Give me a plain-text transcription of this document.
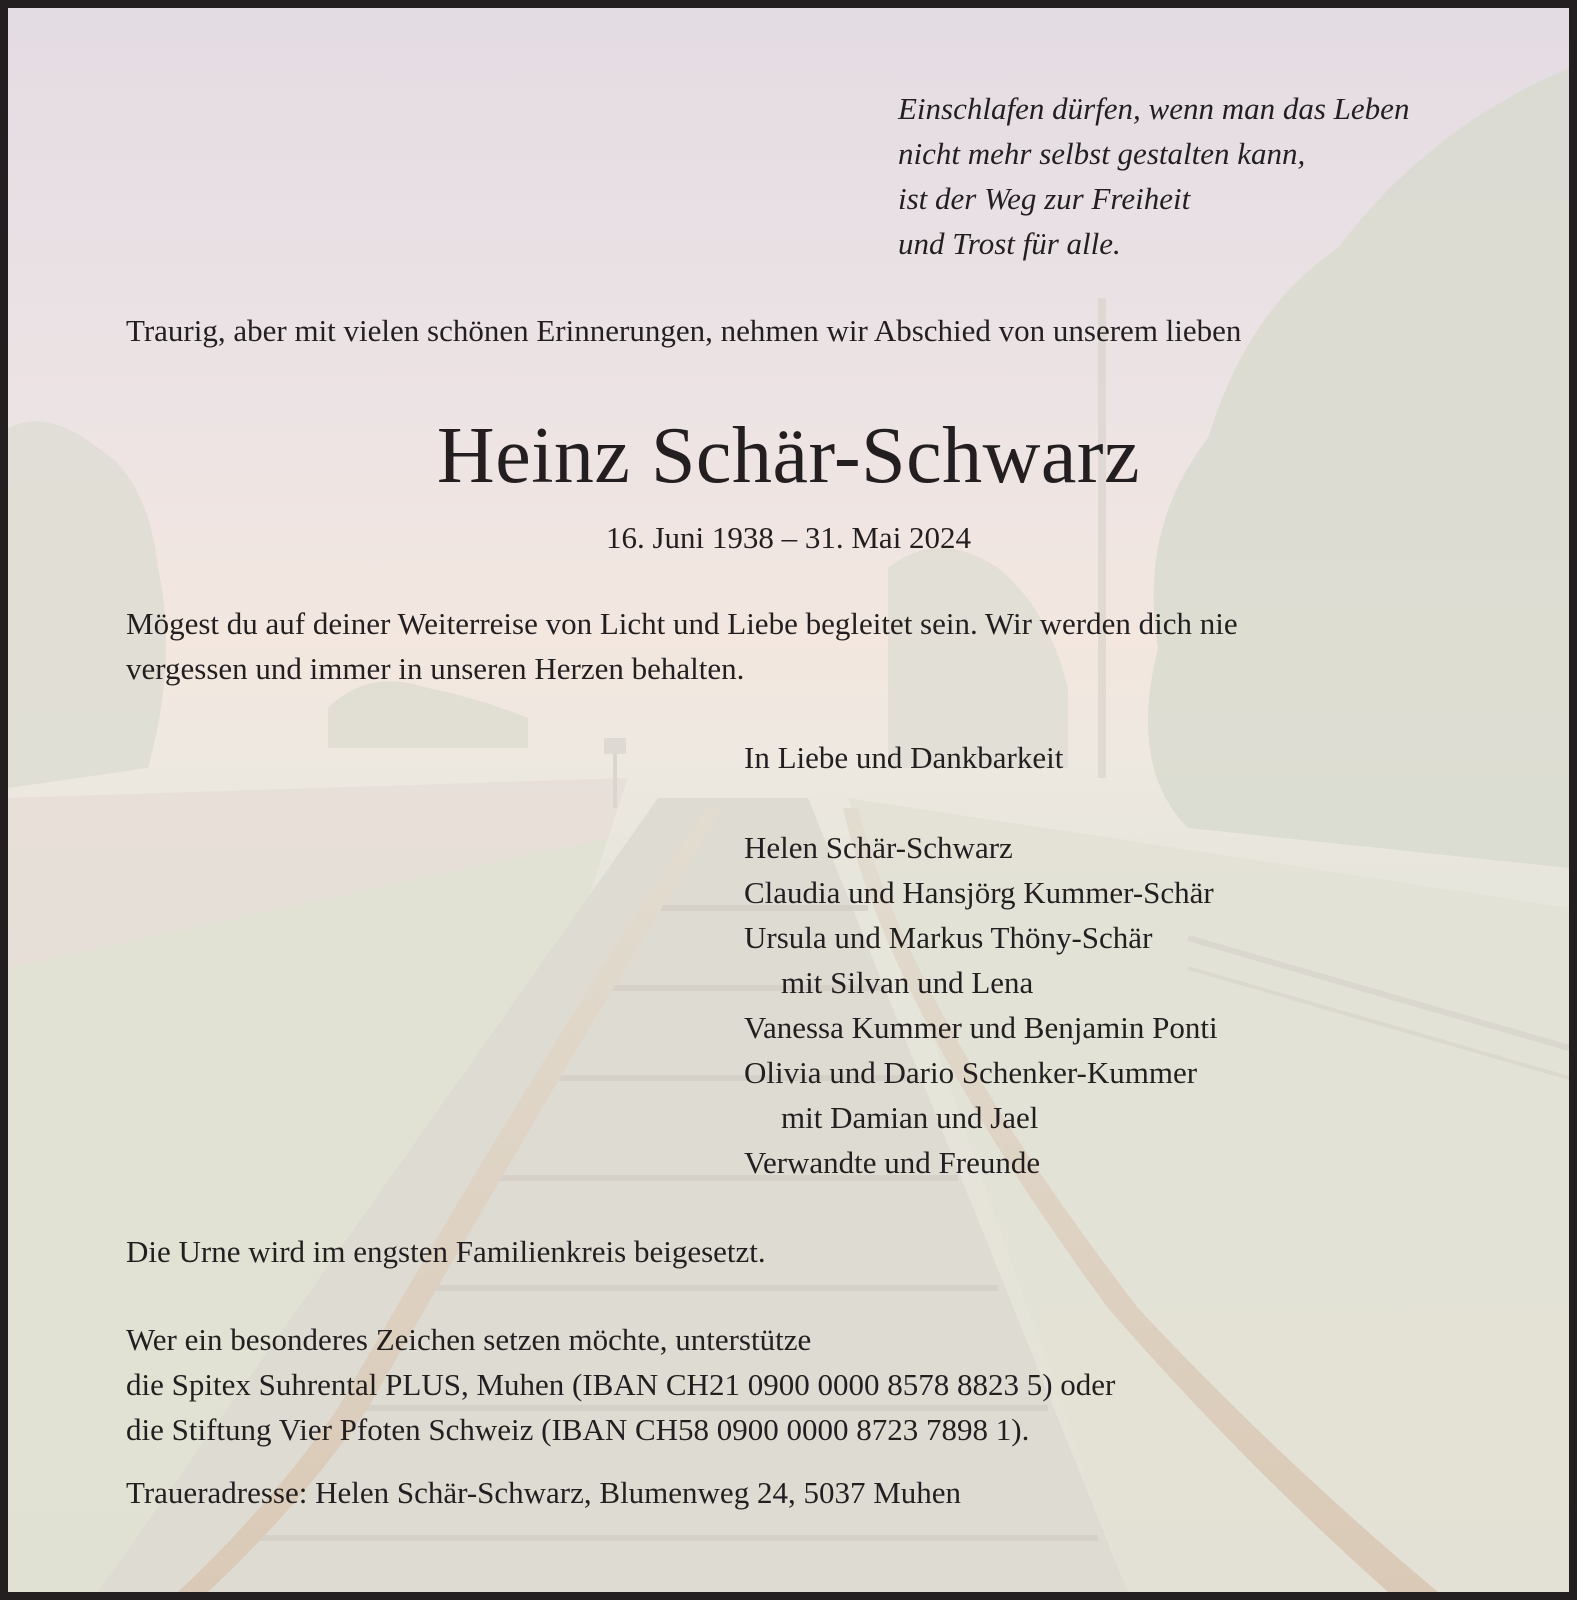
Einschlafen dürfen, wenn man das Leben
nicht mehr selbst gestalten kann,
ist der Weg zur Freiheit
und Trost für alle.
Traurig, aber mit vielen schönen Erinnerungen, nehmen wir Abschied von unserem lieben
Heinz Schär-Schwarz
16. Juni 1938 – 31. Mai 2024
Mögest du auf deiner Weiterreise von Licht und Liebe begleitet sein. Wir werden dich nie
vergessen und immer in unseren Herzen behalten.
In Liebe und Dankbarkeit
Helen Schär-Schwarz
Claudia und Hansjörg Kummer-Schär
Ursula und Markus Thöny-Schär
mit Silvan und Lena
Vanessa Kummer und Benjamin Ponti
Olivia und Dario Schenker-Kummer
mit Damian und Jael
Verwandte und Freunde
Die Urne wird im engsten Familienkreis beigesetzt.
Wer ein besonderes Zeichen setzen möchte, unterstütze
die Spitex Suhrental PLUS, Muhen (IBAN CH21 0900 0000 8578 8823 5) oder
die Stiftung Vier Pfoten Schweiz (IBAN CH58 0900 0000 8723 7898 1).
Traueradresse: Helen Schär-Schwarz, Blumenweg 24, 5037 Muhen
